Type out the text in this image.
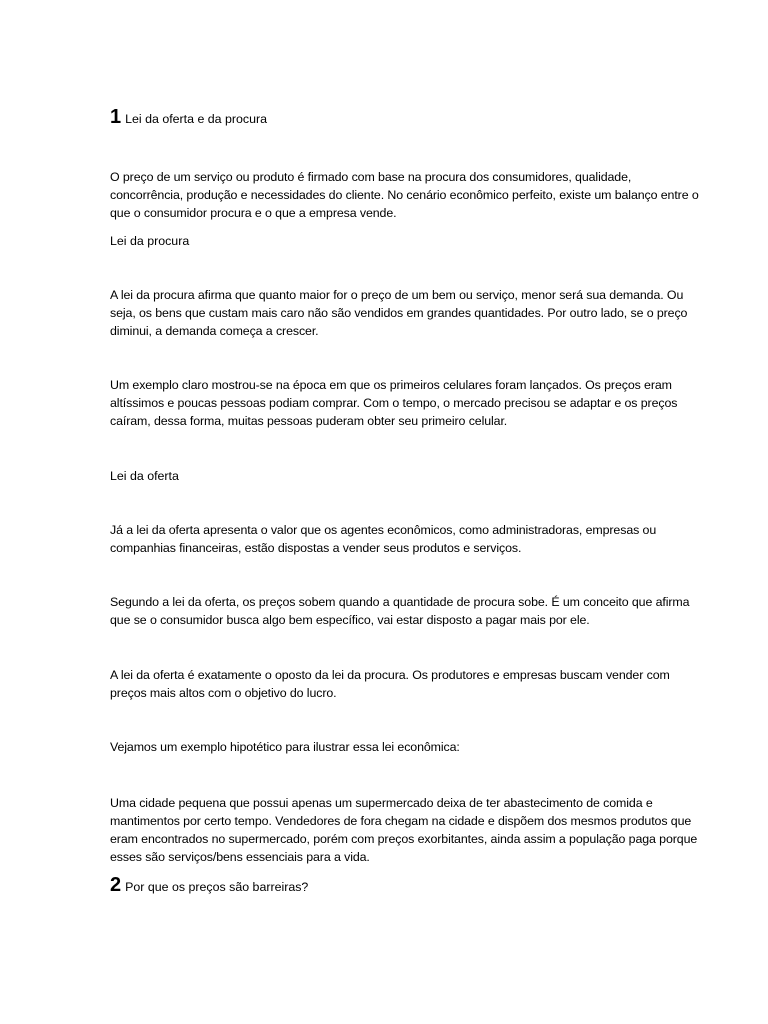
1 Lei da oferta e da procura

O preço de um serviço ou produto é firmado com base na procura dos consumidores, qualidade, concorrência, produção e necessidades do cliente. No cenário econômico perfeito, existe um balanço entre o que o consumidor procura e o que a empresa vende.

Lei da procura

A lei da procura afirma que quanto maior for o preço de um bem ou serviço, menor será sua demanda. Ou seja, os bens que custam mais caro não são vendidos em grandes quantidades. Por outro lado, se o preço diminui, a demanda começa a crescer.

Um exemplo claro mostrou-se na época em que os primeiros celulares foram lançados. Os preços eram altíssimos e poucas pessoas podiam comprar. Com o tempo, o mercado precisou se adaptar e os preços caíram, dessa forma, muitas pessoas puderam obter seu primeiro celular.

Lei da oferta

Já a lei da oferta apresenta o valor que os agentes econômicos, como administradoras, empresas ou companhias financeiras, estão dispostas a vender seus produtos e serviços.

Segundo a lei da oferta, os preços sobem quando a quantidade de procura sobe. É um conceito que afirma que se o consumidor busca algo bem específico, vai estar disposto a pagar mais por ele.

A lei da oferta é exatamente o oposto da lei da procura. Os produtores e empresas buscam vender com preços mais altos com o objetivo do lucro.

Vejamos um exemplo hipotético para ilustrar essa lei econômica:

Uma cidade pequena que possui apenas um supermercado deixa de ter abastecimento de comida e mantimentos por certo tempo. Vendedores de fora chegam na cidade e dispõem dos mesmos produtos que eram encontrados no supermercado, porém com preços exorbitantes, ainda assim a população paga porque esses são serviços/bens essenciais para a vida.

2 Por que os preços são barreiras?
